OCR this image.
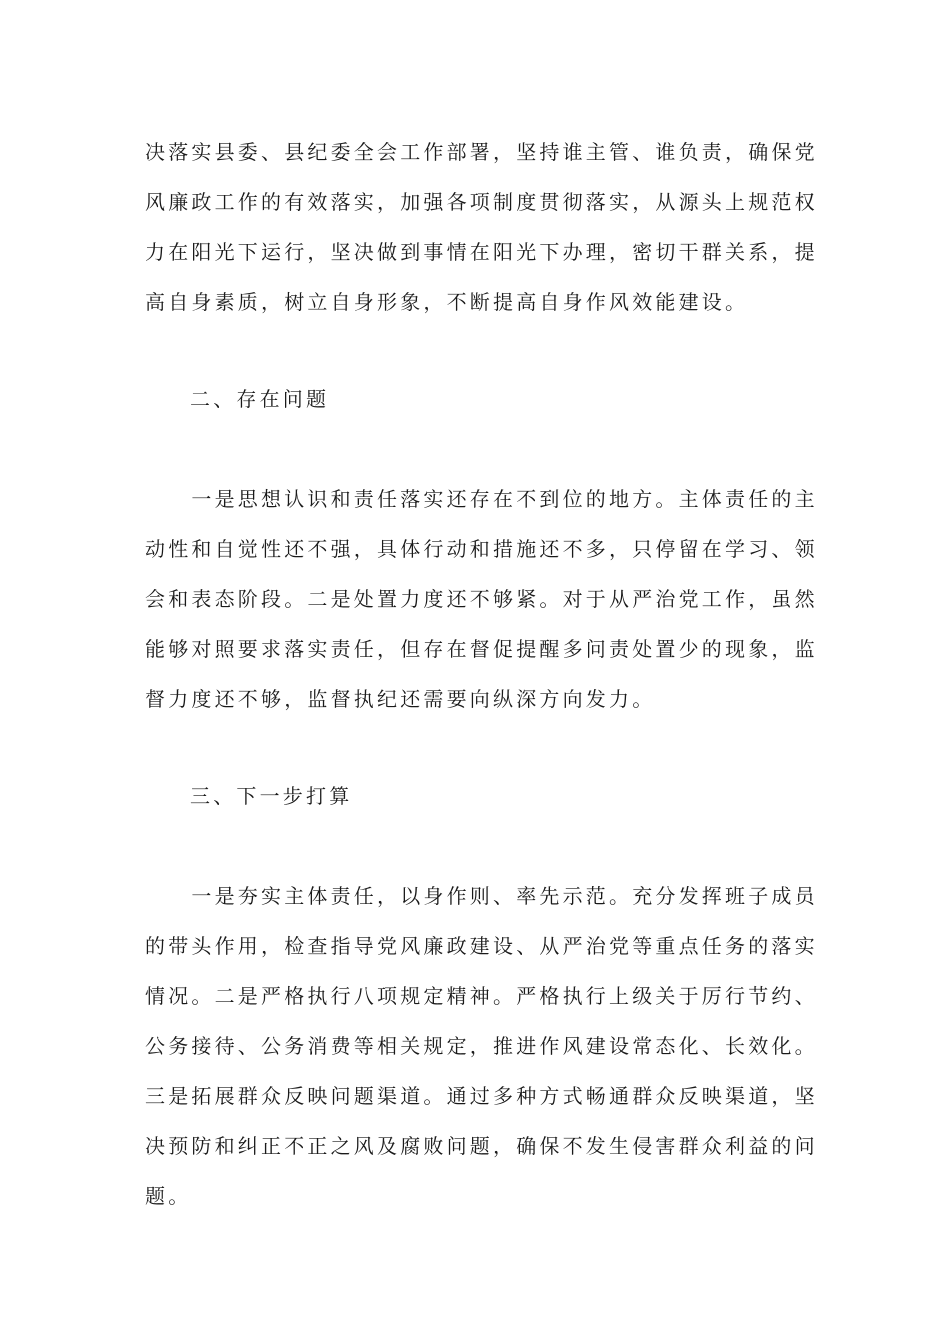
决落实县委、县纪委全会工作部署，坚持谁主管、谁负责，确保党
风廉政工作的有效落实，加强各项制度贯彻落实，从源头上规范权
力在阳光下运行，坚决做到事情在阳光下办理，密切干群关系，提
高自身素质，树立自身形象，不断提高自身作风效能建设。
二、存在问题
　　一是思想认识和责任落实还存在不到位的地方。主体责任的主
动性和自觉性还不强，具体行动和措施还不多，只停留在学习、领
会和表态阶段。二是处置力度还不够紧。对于从严治党工作，虽然
能够对照要求落实责任，但存在督促提醒多问责处置少的现象，监
督力度还不够，监督执纪还需要向纵深方向发力。
三、下一步打算
　　一是夯实主体责任，以身作则、率先示范。充分发挥班子成员
的带头作用，检查指导党风廉政建设、从严治党等重点任务的落实
情况。二是严格执行八项规定精神。严格执行上级关于厉行节约、
公务接待、公务消费等相关规定，推进作风建设常态化、长效化。
三是拓展群众反映问题渠道。通过多种方式畅通群众反映渠道，坚
决预防和纠正不正之风及腐败问题，确保不发生侵害群众利益的问
题。
